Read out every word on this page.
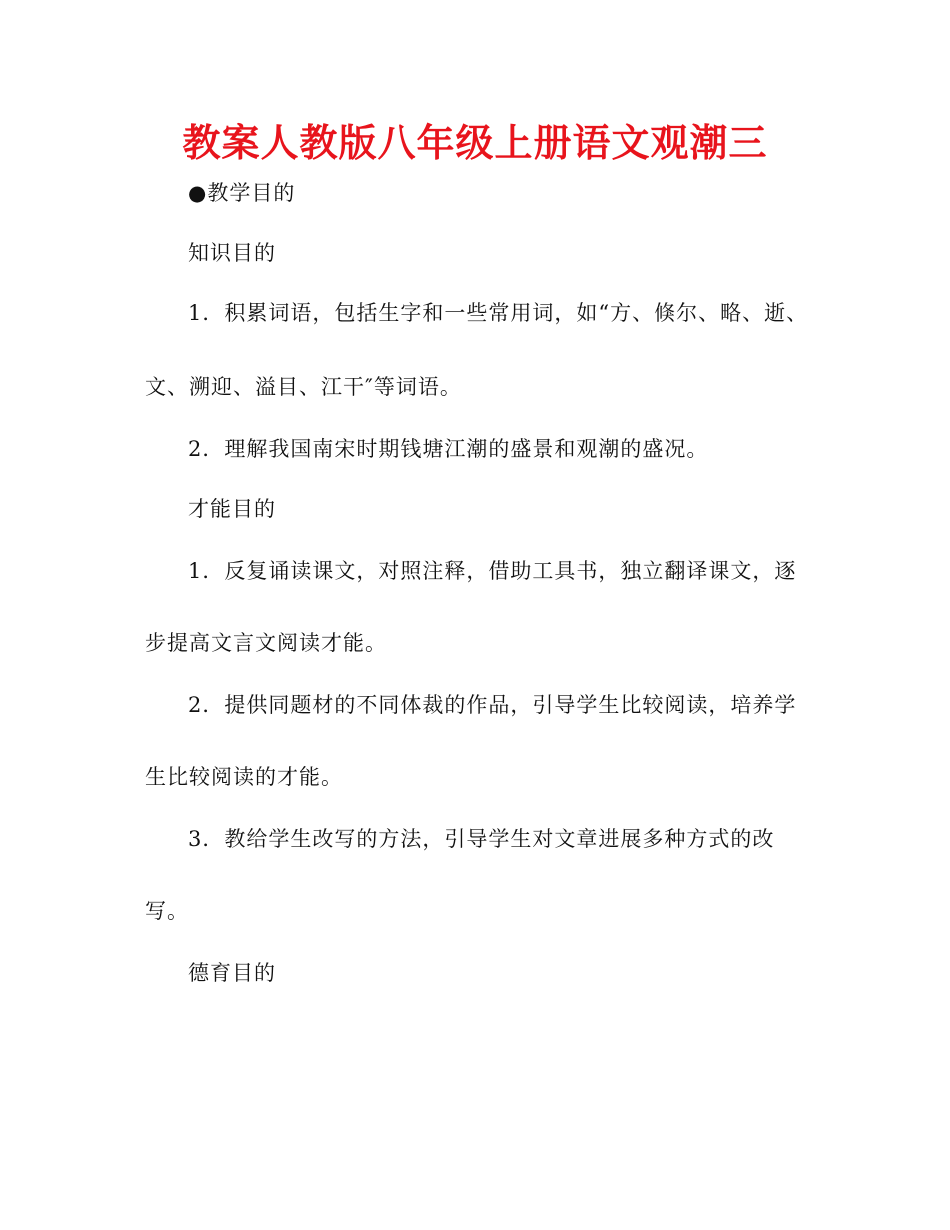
教案人教版八年级上册语文观潮三
●教学目的
知识目的
1．积累词语，包括生字和一些常用词，如“方、倏尔、略、逝、
文、溯迎、溢目、江干″等词语。
2．理解我国南宋时期钱塘江潮的盛景和观潮的盛况。
才能目的
1．反复诵读课文，对照注释，借助工具书，独立翻译课文，逐
步提高文言文阅读才能。
2．提供同题材的不同体裁的作品，引导学生比较阅读，培养学
生比较阅读的才能。
3．教给学生改写的方法，引导学生对文章进展多种方式的改
写。
德育目的
